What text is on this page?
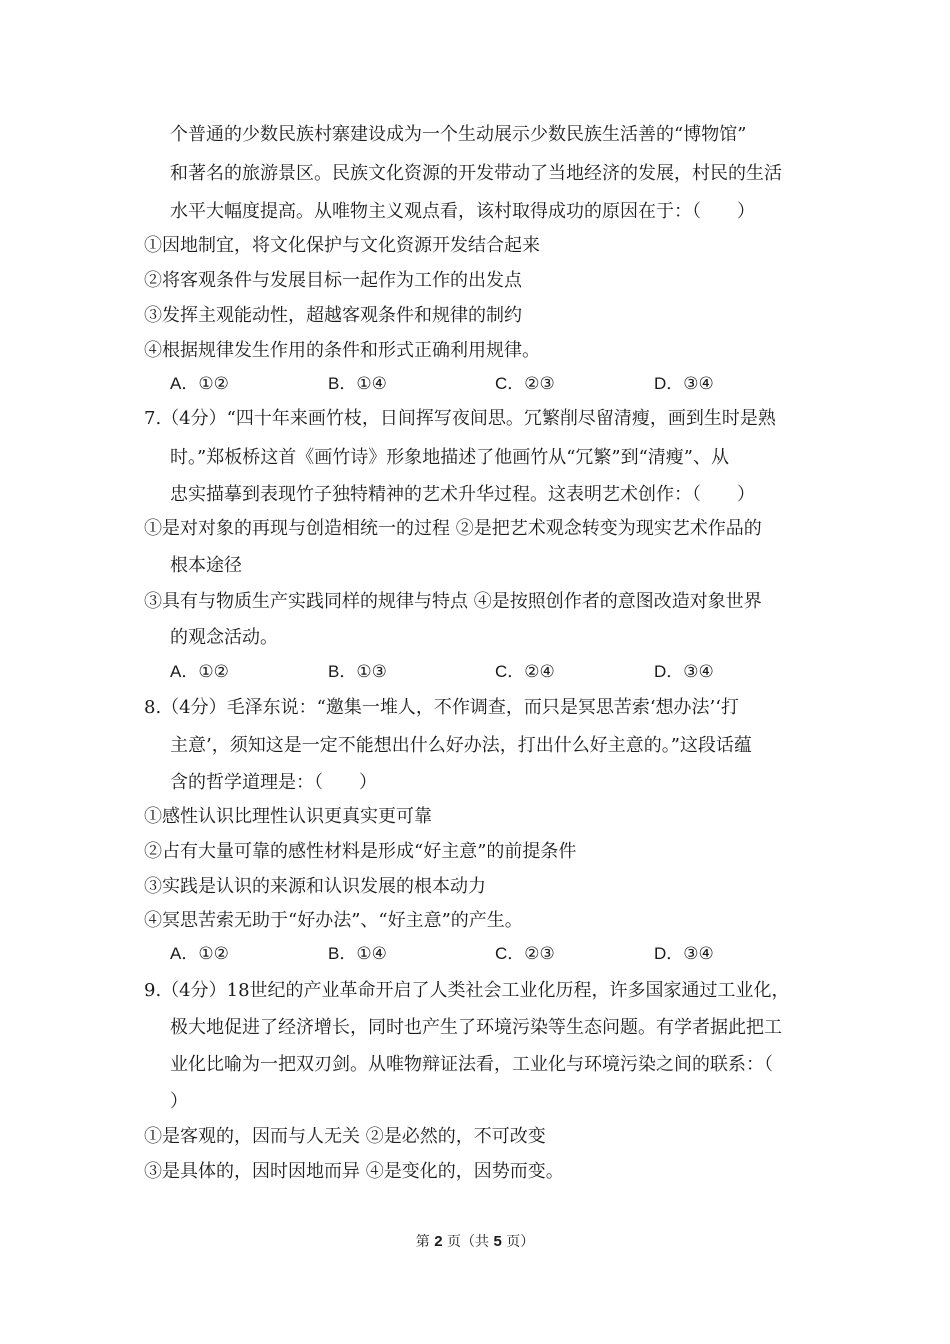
个普通的少数民族村寨建设成为一个生动展示少数民族生活善的“博物馆”
和著名的旅游景区。民族文化资源的开发带动了当地经济的发展，村民的生活
水平大幅度提高。从唯物主义观点看，该村取得成功的原因在于：（　　）
①因地制宜，将文化保护与文化资源开发结合起来
②将客观条件与发展目标一起作为工作的出发点
③发挥主观能动性，超越客观条件和规律的制约
④根据规律发生作用的条件和形式正确利用规律。
A．①②	B．①④	C．②③	D．③④
7.（4分）“四十年来画竹枝，日间挥写夜间思。冗繁削尽留清瘦，画到生时是熟
时。”郑板桥这首《画竹诗》形象地描述了他画竹从“冗繁”到“清瘦”、从
忠实描摹到表现竹子独特精神的艺术升华过程。这表明艺术创作：（　　）
①是对对象的再现与创造相统一的过程 ②是把艺术观念转变为现实艺术作品的
根本途径
③具有与物质生产实践同样的规律与特点 ④是按照创作者的意图改造对象世界
的观念活动。
A．①②	B．①③	C．②④	D．③④
8.（4分）毛泽东说：“邀集一堆人，不作调查，而只是冥思苦索‘想办法’‘打
主意’，须知这是一定不能想出什么好办法，打出什么好主意的。”这段话蕴
含的哲学道理是：（　　）
①感性认识比理性认识更真实更可靠
②占有大量可靠的感性材料是形成“好主意”的前提条件
③实践是认识的来源和认识发展的根本动力
④冥思苦索无助于“好办法”、“好主意”的产生。
A．①②	B．①④	C．②③	D．③④
9.（4分）18世纪的产业革命开启了人类社会工业化历程，许多国家通过工业化，
极大地促进了经济增长，同时也产生了环境污染等生态问题。有学者据此把工
业化比喻为一把双刃剑。从唯物辩证法看，工业化与环境污染之间的联系：（
）
①是客观的，因而与人无关 ②是必然的，不可改变
③是具体的，因时因地而异 ④是变化的，因势而变。
第 2 页（共 5 页）
